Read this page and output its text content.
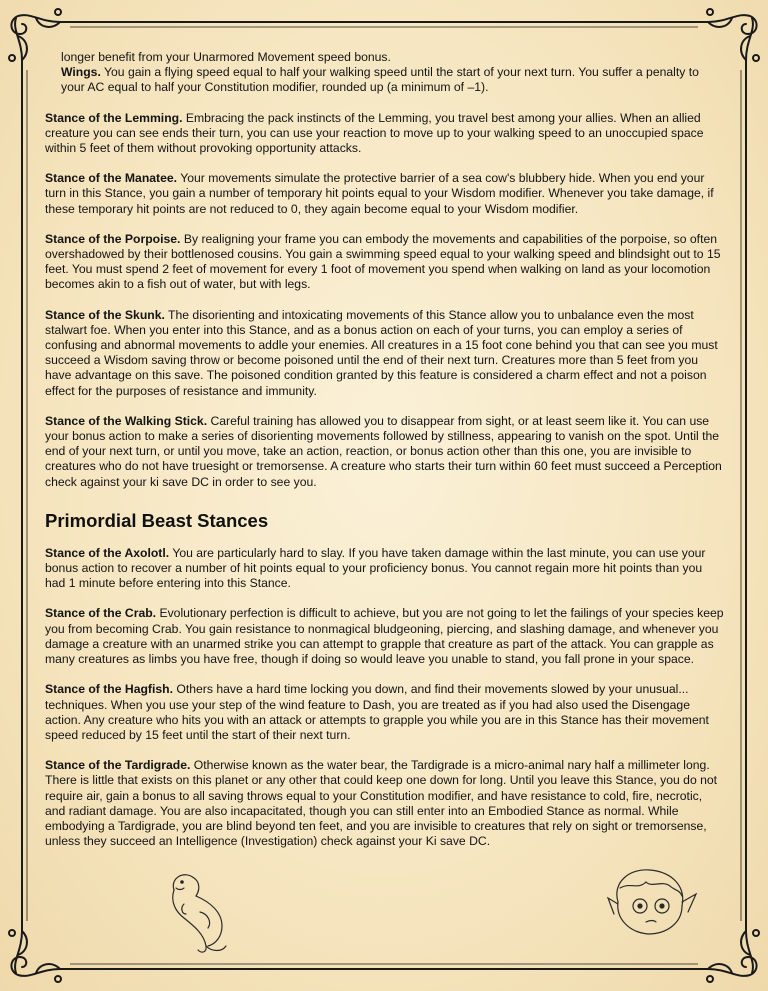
longer benefit from your Unarmored Movement speed bonus.

Wings. You gain a flying speed equal to half your walking speed until the start of your next turn. You suffer a penalty to your AC equal to half your Constitution modifier, rounded up (a minimum of –1).

Stance of the Lemming. Embracing the pack instincts of the Lemming, you travel best among your allies. When an allied creature you can see ends their turn, you can use your reaction to move up to your walking speed to an unoccupied space within 5 feet of them without provoking opportunity attacks.

Stance of the Manatee. Your movements simulate the protective barrier of a sea cow's blubbery hide. When you end your turn in this Stance, you gain a number of temporary hit points equal to your Wisdom modifier. Whenever you take damage, if these temporary hit points are not reduced to 0, they again become equal to your Wisdom modifier.

Stance of the Porpoise. By realigning your frame you can embody the movements and capabilities of the porpoise, so often overshadowed by their bottlenosed cousins. You gain a swimming speed equal to your walking speed and blindsight out to 15 feet. You must spend 2 feet of movement for every 1 foot of movement you spend when walking on land as your locomotion becomes akin to a fish out of water, but with legs.

Stance of the Skunk. The disorienting and intoxicating movements of this Stance allow you to unbalance even the most stalwart foe. When you enter into this Stance, and as a bonus action on each of your turns, you can employ a series of confusing and abnormal movements to addle your enemies. All creatures in a 15 foot cone behind you that can see you must succeed a Wisdom saving throw or become poisoned until the end of their next turn. Creatures more than 5 feet from you have advantage on this save. The poisoned condition granted by this feature is considered a charm effect and not a poison effect for the purposes of resistance and immunity.

Stance of the Walking Stick. Careful training has allowed you to disappear from sight, or at least seem like it. You can use your bonus action to make a series of disorienting movements followed by stillness, appearing to vanish on the spot. Until the end of your next turn, or until you move, take an action, reaction, or bonus action other than this one, you are invisible to creatures who do not have truesight or tremorsense. A creature who starts their turn within 60 feet must succeed a Perception check against your ki save DC in order to see you.

Primordial Beast Stances

Stance of the Axolotl. You are particularly hard to slay. If you have taken damage within the last minute, you can use your bonus action to recover a number of hit points equal to your proficiency bonus. You cannot regain more hit points than you had 1 minute before entering into this Stance.

Stance of the Crab. Evolutionary perfection is difficult to achieve, but you are not going to let the failings of your species keep you from becoming Crab. You gain resistance to nonmagical bludgeoning, piercing, and slashing damage, and whenever you damage a creature with an unarmed strike you can attempt to grapple that creature as part of the attack. You can grapple as many creatures as limbs you have free, though if doing so would leave you unable to stand, you fall prone in your space.

Stance of the Hagfish. Others have a hard time locking you down, and find their movements slowed by your unusual... techniques. When you use your step of the wind feature to Dash, you are treated as if you had also used the Disengage action. Any creature who hits you with an attack or attempts to grapple you while you are in this Stance has their movement speed reduced by 15 feet until the start of their next turn.

Stance of the Tardigrade. Otherwise known as the water bear, the Tardigrade is a micro-animal nary half a millimeter long. There is little that exists on this planet or any other that could keep one down for long. Until you leave this Stance, you do not require air, gain a bonus to all saving throws equal to your Constitution modifier, and have resistance to cold, fire, necrotic, and radiant damage. You are also incapacitated, though you can still enter into an Embodied Stance as normal. While embodying a Tardigrade, you are blind beyond ten feet, and you are invisible to creatures that rely on sight or tremorsense, unless they succeed an Intelligence (Investigation) check against your Ki save DC.
